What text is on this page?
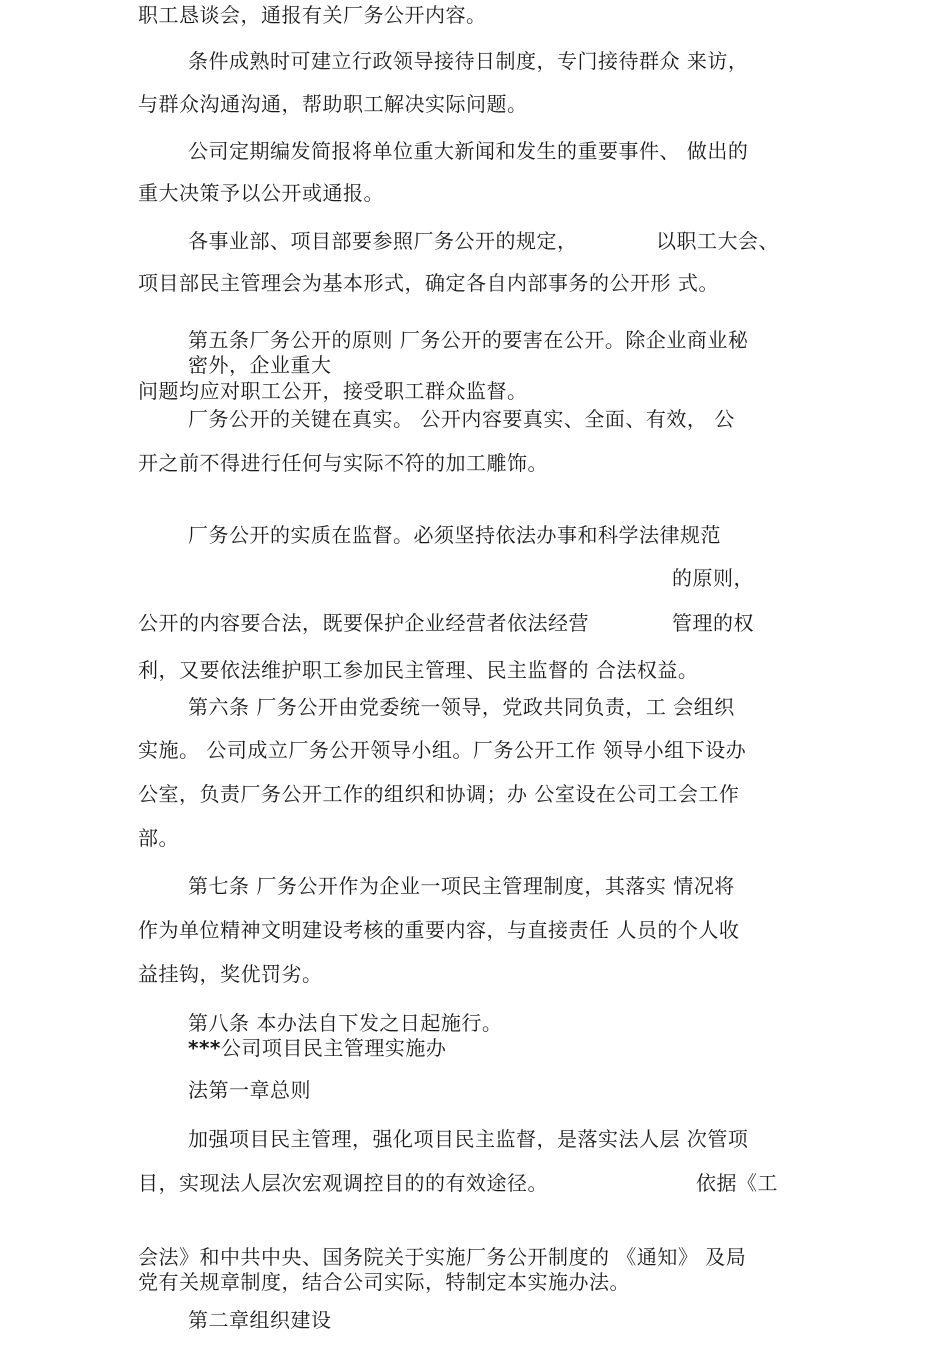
职工恳谈会，通报有关厂务公开内容。
条件成熟时可建立行政领导接待日制度，专门接待群众 来访，
与群众沟通沟通，帮助职工解决实际问题。
公司定期编发简报将单位重大新闻和发生的重要事件、 做出的
重大决策予以公开或通报。
各事业部、项目部要参照厂务公开的规定，	以职工大会、
项目部民主管理会为基本形式，确定各自内部事务的公开形 式。
第五条厂务公开的原则 厂务公开的要害在公开。除企业商业秘
密外，企业重大
问题均应对职工公开，接受职工群众监督。
厂务公开的关键在真实。 公开内容要真实、全面、有效， 公
开之前不得进行任何与实际不符的加工雕饰。
厂务公开的实质在监督。必须坚持依法办事和科学法律规范
的原则，
公开的内容要合法，既要保护企业经营者依法经营	管理的权
利，又要依法维护职工参加民主管理、民主监督的 合法权益。
第六条 厂务公开由党委统一领导，党政共同负责，工 会组织
实施。 公司成立厂务公开领导小组。厂务公开工作 领导小组下设办
公室，负责厂务公开工作的组织和协调；办 公室设在公司工会工作
部。
第七条 厂务公开作为企业一项民主管理制度，其落实 情况将
作为单位精神文明建设考核的重要内容，与直接责任 人员的个人收
益挂钩，奖优罚劣。
第八条 本办法自下发之日起施行。
***公司项目民主管理实施办
法第一章总则
加强项目民主管理，强化项目民主监督，是落实法人层 次管项
目，实现法人层次宏观调控目的的有效途径。	依据《工
会法》和中共中央、国务院关于实施厂务公开制度的 《通知》 及局
党有关规章制度，结合公司实际，特制定本实施办法。
第二章组织建设
